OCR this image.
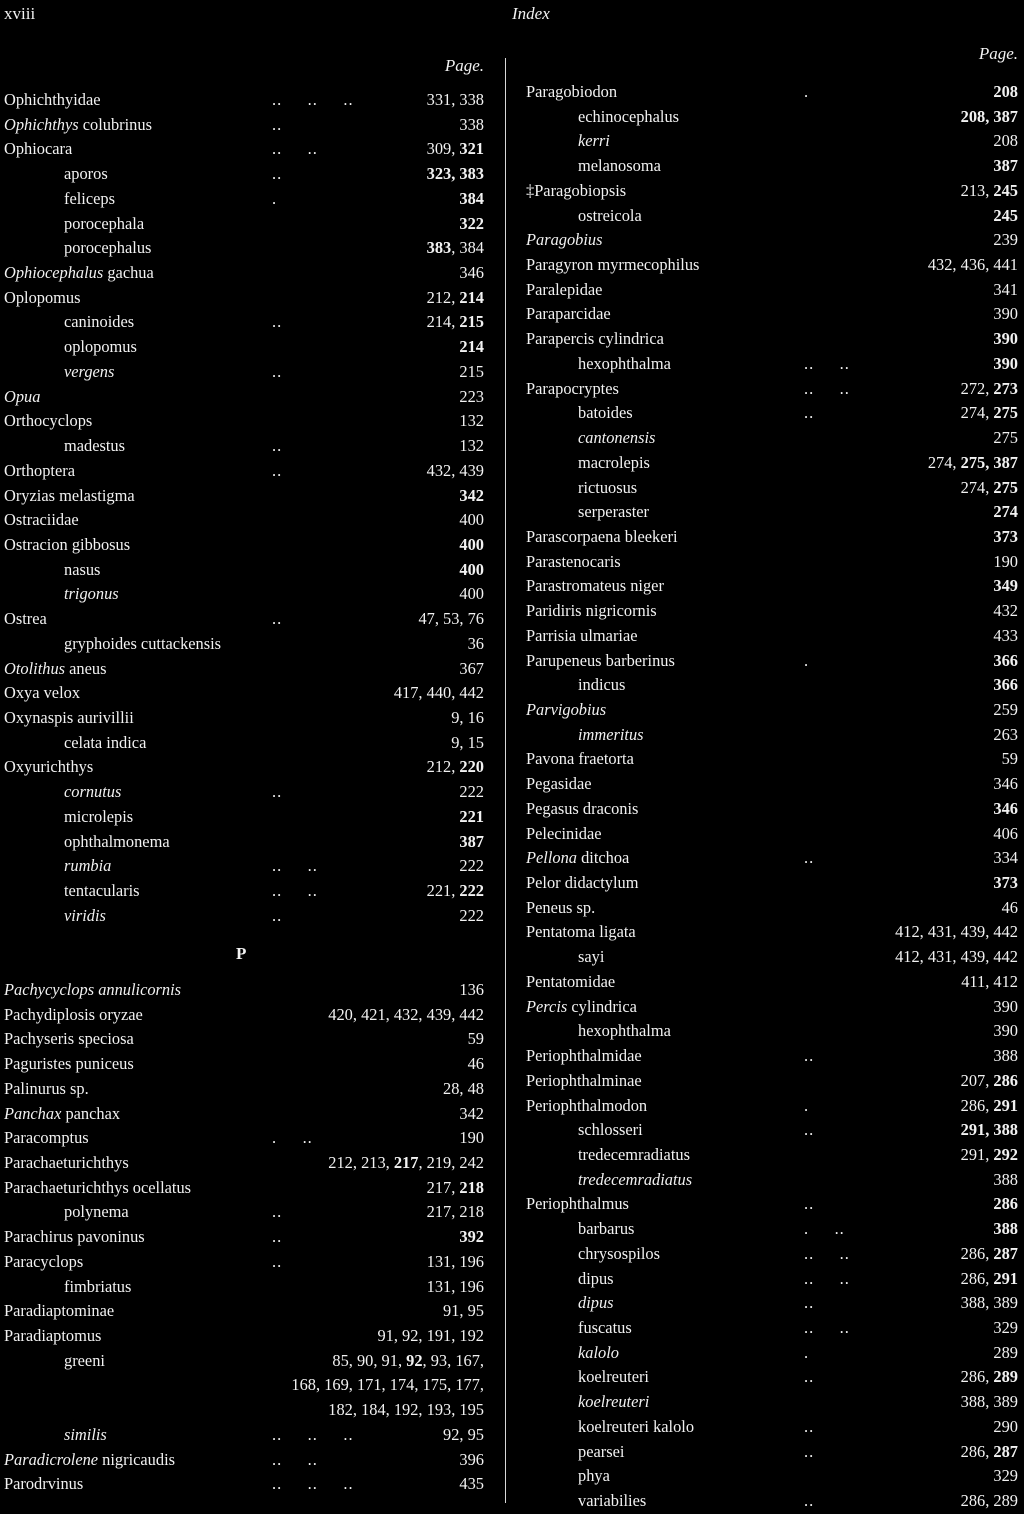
xviii	Index
Page.
Ophichthyidae	..     ..     ..	331, 338
Ophichthys colubrinus	..	338
Ophiocara	..     ..	309, 321
aporos	..	323, 383
feliceps	.	384
porocephala	322
porocephalus	383, 384
Ophiocephalus gachua	346
Oplopomus	212, 214
caninoides	..	214, 215
oplopomus	214
vergens	..	215
Opua	223
Orthocyclops	132
madestus	..	132
Orthoptera	..	432, 439
Oryzias melastigma	342
Ostraciidae	400
Ostracion gibbosus	400
nasus	400
trigonus	400
Ostrea	..	47, 53, 76
gryphoides cuttackensis	36
Otolithus aneus	367
Oxya velox	417, 440, 442
Oxynaspis aurivillii	9, 16
celata indica	9, 15
Oxyurichthys	212, 220
cornutus	..	222
microlepis	221
ophthalmonema	387
rumbia	..     ..	222
tentacularis	..     ..	221, 222
viridis	..	222
Pachycyclops annulicornis	136
Pachydiplosis oryzae	420, 421, 432, 439, 442
Pachyseris speciosa	59
Paguristes puniceus	46
Palinurus sp.	28, 48
Panchax panchax	342
Paracomptus	.     ..	190
Parachaeturichthys	212, 213, 217, 219, 242
Parachaeturichthys ocellatus	217, 218
polynema	..	217, 218
Parachirus pavoninus	..	392
Paracyclops	..	131, 196
fimbriatus	131, 196
Paradiaptominae	91, 95
Paradiaptomus	91, 92, 191, 192
greeni	85, 90, 91, 92, 93, 167,
168, 169, 171, 174, 175, 177,
182, 184, 192, 193, 195
similis	..     ..     ..	92, 95
Paradicrolene nigricaudis	..     ..	396
Parodrvinus	..     ..     ..	435
P
Page.
Paragobiodon	.	208
echinocephalus	208, 387
kerri	208
melanosoma	387
‡Paragobiopsis	213, 245
ostreicola	245
Paragobius	239
Paragyron myrmecophilus	432, 436, 441
Paralepidae	341
Paraparcidae	390
Parapercis cylindrica	390
hexophthalma	..     ..	390
Parapocryptes	..     ..	272, 273
batoides	..	274, 275
cantonensis	275
macrolepis	274, 275, 387
rictuosus	274, 275
serperaster	274
Parascorpaena bleekeri	373
Parastenocaris	190
Parastromateus niger	349
Paridiris nigricornis	432
Parrisia ulmariae	433
Parupeneus barberinus	.	366
indicus	366
Parvigobius	259
immeritus	263
Pavona fraetorta	59
Pegasidae	346
Pegasus draconis	346
Pelecinidae	406
Pellona ditchoa	..	334
Pelor didactylum	373
Peneus sp.	46
Pentatoma ligata	412, 431, 439, 442
sayi	412, 431, 439, 442
Pentatomidae	411, 412
Percis cylindrica	390
hexophthalma	390
Periophthalmidae	..	388
Periophthalminae	207, 286
Periophthalmodon	.	286, 291
schlosseri	..	291, 388
tredecemradiatus	291, 292
tredecemradiatus	388
Periophthalmus	..	286
barbarus	.     ..	388
chrysospilos	..     ..	286, 287
dipus	..     ..	286, 291
dipus	..	388, 389
fuscatus	..     ..	329
kalolo	.	289
koelreuteri	..	286, 289
koelreuteri	388, 389
koelreuteri kalolo	..	290
pearsei	..	286, 287
phya	329
variabilies	..	286, 289
